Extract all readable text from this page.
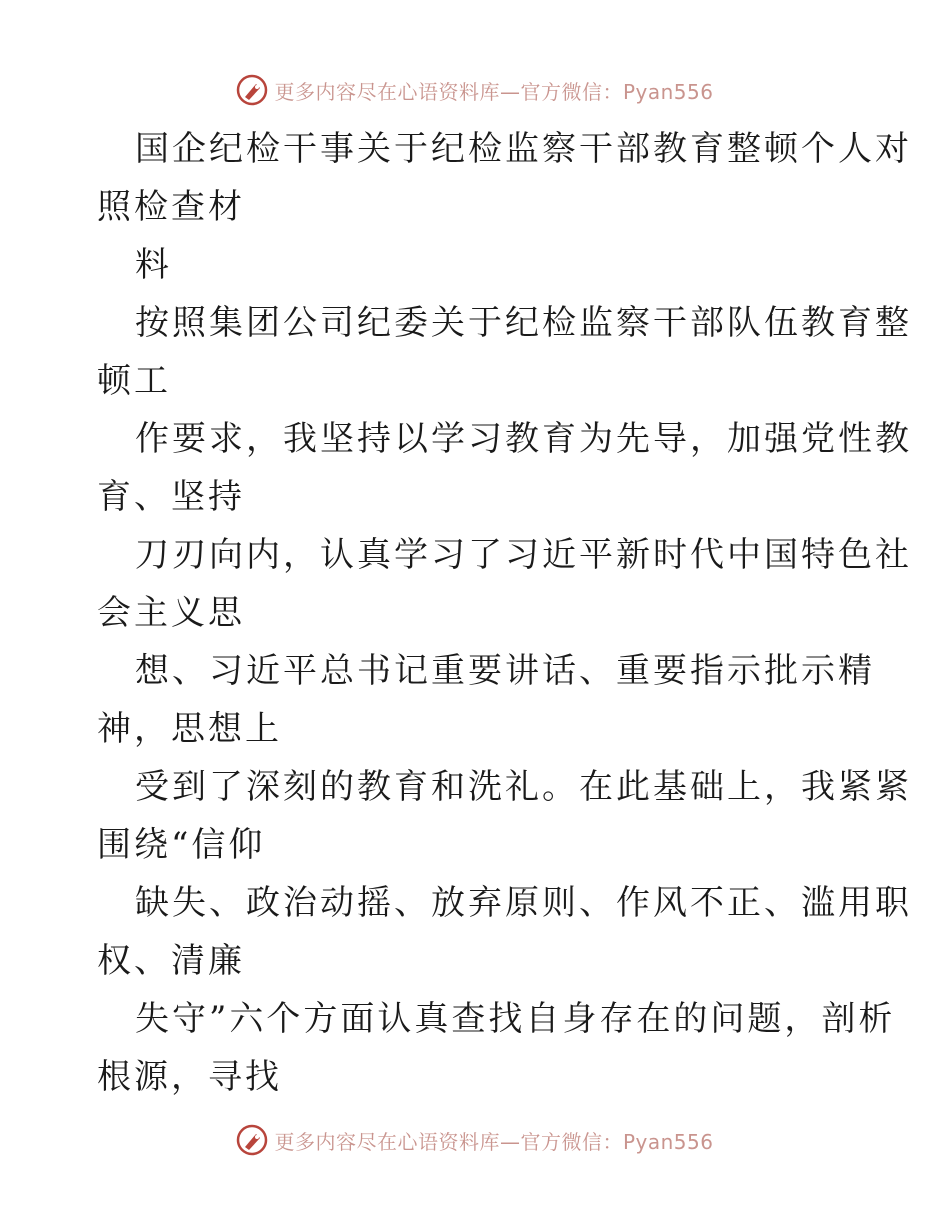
更多内容尽在心语资料库—官方微信：Pyan556
国企纪检干事关于纪检监察干部教育整顿个人对
照检查材
料
按照集团公司纪委关于纪检监察干部队伍教育整
顿工
作要求，我坚持以学习教育为先导，加强党性教
育、坚持
刀刃向内，认真学习了习近平新时代中国特色社
会主义思
想、习近平总书记重要讲话、重要指示批示精
神，思想上
受到了深刻的教育和洗礼。在此基础上，我紧紧
围绕“信仰
缺失、政治动摇、放弃原则、作风不正、滥用职
权、清廉
失守”六个方面认真查找自身存在的问题，剖析
根源，寻找
更多内容尽在心语资料库—官方微信：Pyan556
